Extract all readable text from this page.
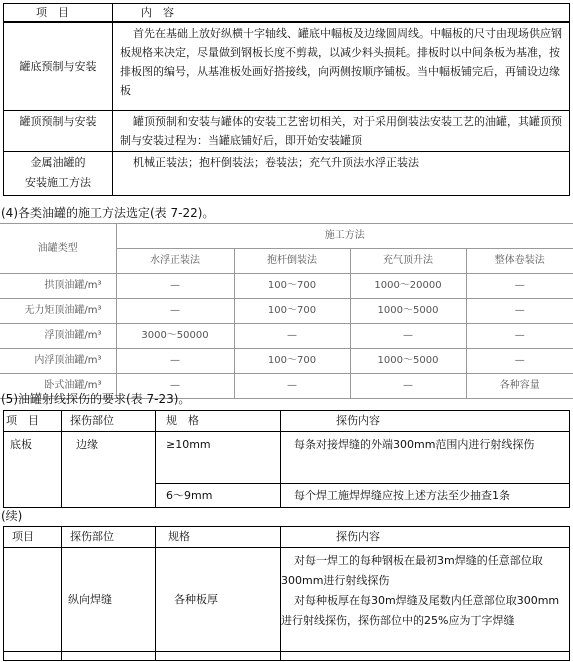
项　目	内　容
罐底预制与安装	首先在基础上放好纵横十字轴线、罐底中幅板及边缘圆周线。中幅板的尺寸由现场供应钢板规格来决定，尽量做到钢板长度不剪裁，以减少料头损耗。排板时以中间条板为基准，按排板图的编号，从基准板处画好搭接线，向两侧按顺序铺板。当中幅板铺完后，再铺设边缘板
罐顶预制与安装	罐顶预制和安装与罐体的安装工艺密切相关，对于采用倒装法安装工艺的油罐，其罐顶预制与安装过程为：当罐底铺好后，即开始安装罐顶

金属油罐的
安装施工方法	机械正装法；抱杆倒装法；卷装法；充气升顶法水浮正装法
(4)各类油罐的施工方法选定(表 7-22)。
油罐类型	施工方法			
	水浮正装法	抱杆倒装法	充气顶升法	整体卷装法
拱顶油罐/m³	—	100～700	1000～20000	—
无力矩顶油罐/m³	—	100～700	1000～5000	—
浮顶油罐/m³	3000～50000	—	—	—
内浮顶油罐/m³	—	100～700	1000～5000	—
卧式油罐/m³	—	—	—	各种容量
(5)油罐射线探伤的要求(表 7-23)。
项　目	探伤部位	规　格	探伤内容
底板	边缘	≥10mm	每条对接焊缝的外端300mm范围内进行射线探伤
		6～9mm	每个焊工施焊焊缝应按上述方法至少抽查1条
(续)
项目	探伤部位	规格	探伤内容
	纵向焊缝	各种板厚	对每一焊工的每种钢板在最初3m焊缝的任意部位取300mm进行射线探伤
对每种板厚在每30m焊缝及尾数内任意部位取300mm进行射线探伤，探伤部位中的25%应为丁字焊缝
